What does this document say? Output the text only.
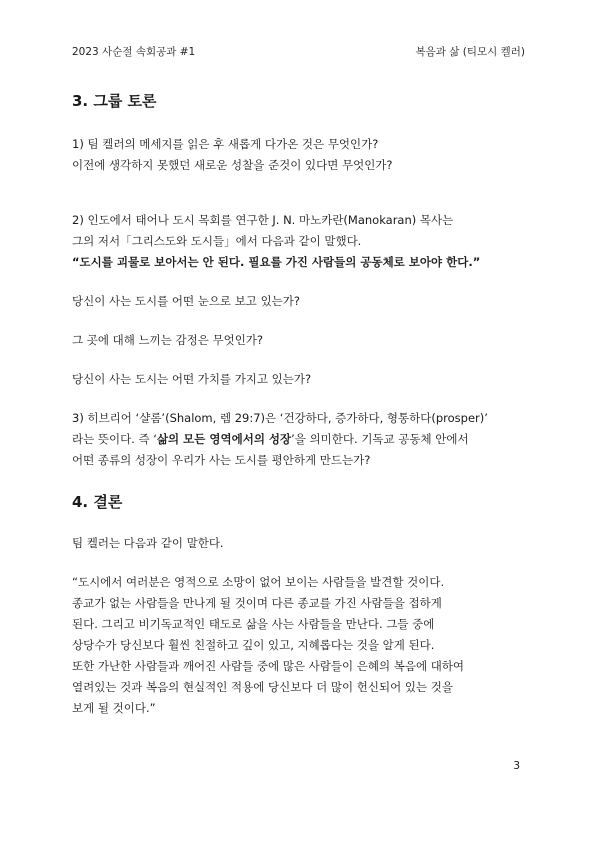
2023 사순절 속회공과 #1	복음과 삶 (티모시 켈러)
3. 그룹 토론

1) 팀 켈러의 메세지를 읽은 후 새롭게 다가온 것은 무엇인가?

이전에 생각하지 못했던 새로운 성찰을 준것이 있다면 무엇인가?

2) 인도에서 태어나 도시 목회를 연구한 J. N. 마노카란(Manokaran) 목사는

그의 저서「그리스도와 도시들」에서 다음과 같이 말했다.

“도시를 괴물로 보아서는 안 된다. 필요를 가진 사람들의 공동체로 보아야 한다.”

당신이 사는 도시를 어떤 눈으로 보고 있는가?

그 곳에 대해 느끼는 감정은 무엇인가?

당신이 사는 도시는 어떤 가치를 가지고 있는가?

3) 히브리어 ‘샬롬’(Shalom, 렘 29:7)은 ‘건강하다, 증가하다, 형통하다(prosper)’

라는 뜻이다. 즉 ‘삶의 모든 영역에서의 성장’을 의미한다. 기독교 공동체 안에서

어떤 종류의 성장이 우리가 사는 도시를 평안하게 만드는가?

4. 결론

팀 켈러는 다음과 같이 말한다.

“도시에서 여러분은 영적으로 소망이 없어 보이는 사람들을 발견할 것이다.

종교가 없는 사람들을 만나게 될 것이며 다른 종교를 가진 사람들을 접하게

된다. 그리고 비기독교적인 태도로 삶을 사는 사람들을 만난다. 그들 중에

상당수가 당신보다 훨씬 친절하고 깊이 있고, 지혜롭다는 것을 알게 된다.

또한 가난한 사람들과 깨어진 사람들 중에 많은 사람들이 은혜의 복음에 대하여

열려있는 것과 복음의 현실적인 적용에 당신보다 더 많이 헌신되어 있는 것을

보게 될 것이다.”

3
